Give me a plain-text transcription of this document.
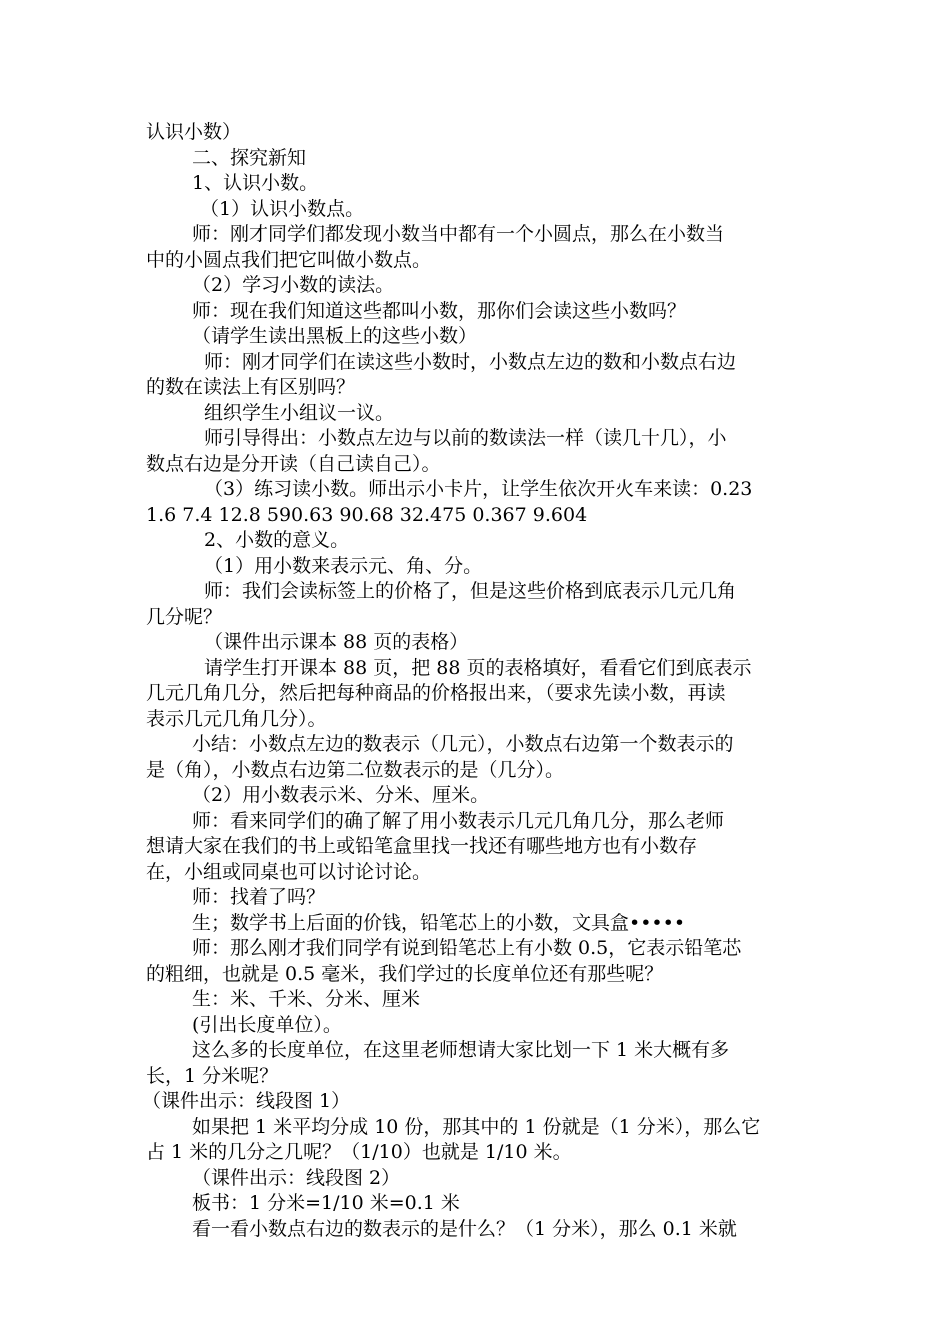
认识小数）
二、探究新知
1、认识小数。
（1）认识小数点。
师：刚才同学们都发现小数当中都有一个小圆点，那么在小数当
中的小圆点我们把它叫做小数点。
（2）学习小数的读法。
师：现在我们知道这些都叫小数，那你们会读这些小数吗？
（请学生读出黑板上的这些小数）
师：刚才同学们在读这些小数时，小数点左边的数和小数点右边
的数在读法上有区别吗？
组织学生小组议一议。
师引导得出：小数点左边与以前的数读法一样（读几十几），小
数点右边是分开读（自己读自己）。
（3）练习读小数。师出示小卡片，让学生依次开火车来读：0.23
1.6 7.4 12.8 590.63 90.68 32.475 0.367 9.604
2、小数的意义。
（1）用小数来表示元、角、分。
师：我们会读标签上的价格了，但是这些价格到底表示几元几角
几分呢？
（课件出示课本 88 页的表格）
请学生打开课本 88 页，把 88 页的表格填好，看看它们到底表示
几元几角几分，然后把每种商品的价格报出来，（要求先读小数，再读
表示几元几角几分）。
小结：小数点左边的数表示（几元），小数点右边第一个数表示的
是（角），小数点右边第二位数表示的是（几分）。
（2）用小数表示米、分米、厘米。
师：看来同学们的确了解了用小数表示几元几角几分，那么老师
想请大家在我们的书上或铅笔盒里找一找还有哪些地方也有小数存
在，小组或同桌也可以讨论讨论。
师：找着了吗？
生；数学书上后面的价钱，铅笔芯上的小数，文具盒•••••
师：那么刚才我们同学有说到铅笔芯上有小数 0.5，它表示铅笔芯
的粗细，也就是 0.5 毫米，我们学过的长度单位还有那些呢？
生：米、千米、分米、厘米
(引出长度单位）。
这么多的长度单位，在这里老师想请大家比划一下 1 米大概有多
长，1 分米呢？
（课件出示：线段图 1）
如果把 1 米平均分成 10 份，那其中的 1 份就是（1 分米），那么它
占 1 米的几分之几呢？（1/10）也就是 1/10 米。
（课件出示：线段图 2）
板书：1 分米=1/10 米=0.1 米
看一看小数点右边的数表示的是什么？（1 分米），那么 0.1 米就
